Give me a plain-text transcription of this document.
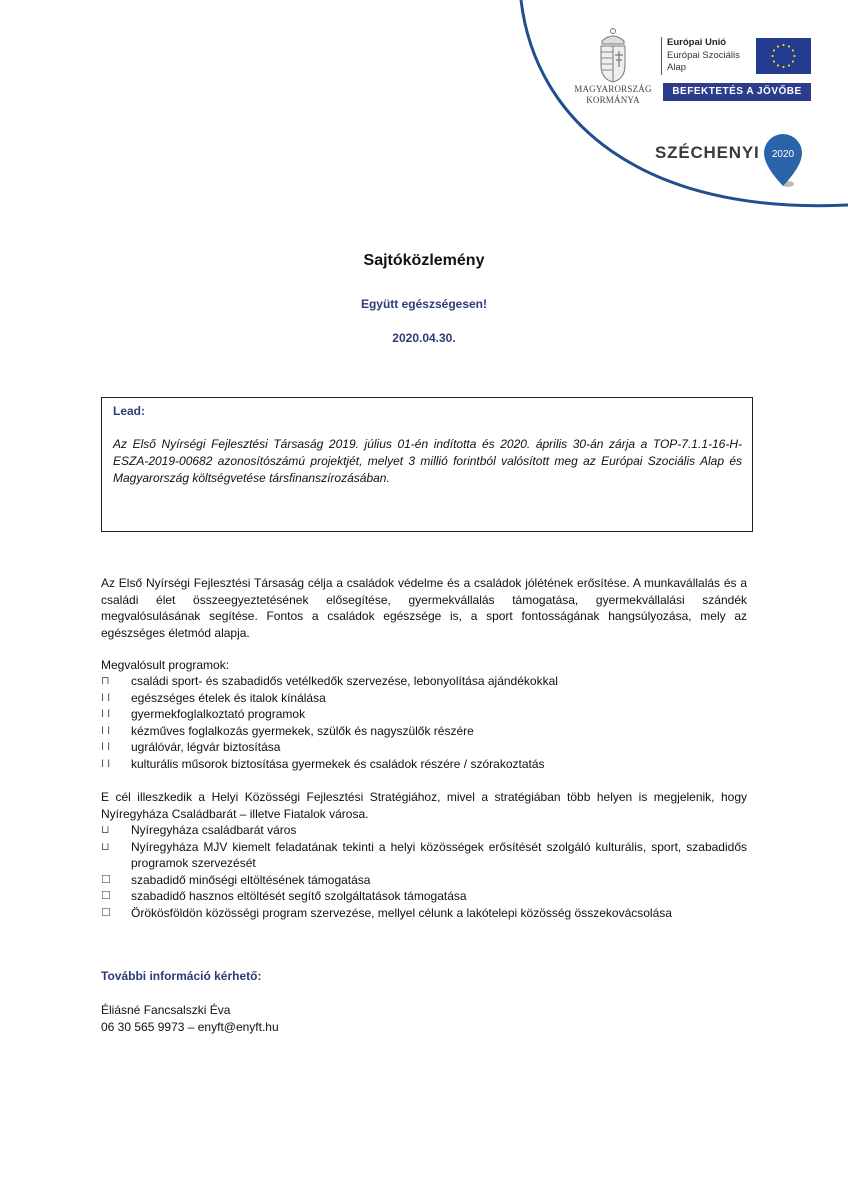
MAGYARORSZÁG
KORMÁNYA
Európai Unió
Európai Szociális
Alap
BEFEKTETÉS A JÖVŐBE
SZÉCHENYI 2020
Sajtóközlemény
Együtt egészségesen!
2020.04.30.
Lead:
Az Első Nyírségi Fejlesztési Társaság 2019. július 01-én indította és 2020. április 30-án zárja a TOP-7.1.1-16-H-ESZA-2019-00682 azonosítószámú projektjét, melyet 3 millió forintból valósított meg az Európai Szociális Alap és Magyarország költségvetése társfinanszírozásában.
Az Első Nyírségi Fejlesztési Társaság célja a családok védelme és a családok jólétének erősítése. A munkavállalás és a családi élet összeegyeztetésének elősegítése, gyermekvállalás támogatása, gyermekvállalási szándék megvalósulásának segítése. Fontos a családok egészsége is, a sport fontosságának hangsúlyozása, mely az egészséges életmód alapja.
Megvalósult programok:
⊓	családi sport- és szabadidős vetélkedők szervezése, lebonyolítása ajándékokkal
I I	egészséges ételek és italok kínálása
I I	gyermekfoglalkoztató programok
I I	kézműves foglalkozás gyermekek, szülők és nagyszülők részére
I I	ugrálóvár, légvár biztosítása
I I	kulturális műsorok biztosítása gyermekek és családok részére / szórakoztatás
E cél illeszkedik a Helyi Közösségi Fejlesztési Stratégiához, mivel a stratégiában több helyen is megjelenik, hogy Nyíregyháza Családbarát – illetve Fiatalok városa.
⊔	Nyíregyháza családbarát város
⊔	Nyíregyháza MJV kiemelt feladatának tekinti a helyi közösségek erősítését szolgáló kulturális, sport, szabadidős programok szervezését
☐	szabadidő minőségi eltöltésének támogatása
☐	szabadidő hasznos eltöltését segítő szolgáltatások támogatása
☐	Örökösföldön közösségi program szervezése, mellyel célunk a lakótelepi közösség összekovácsolása
További információ kérhető:
Éliásné Fancsalszki Éva
06 30 565 9973 – enyft@enyft.hu
